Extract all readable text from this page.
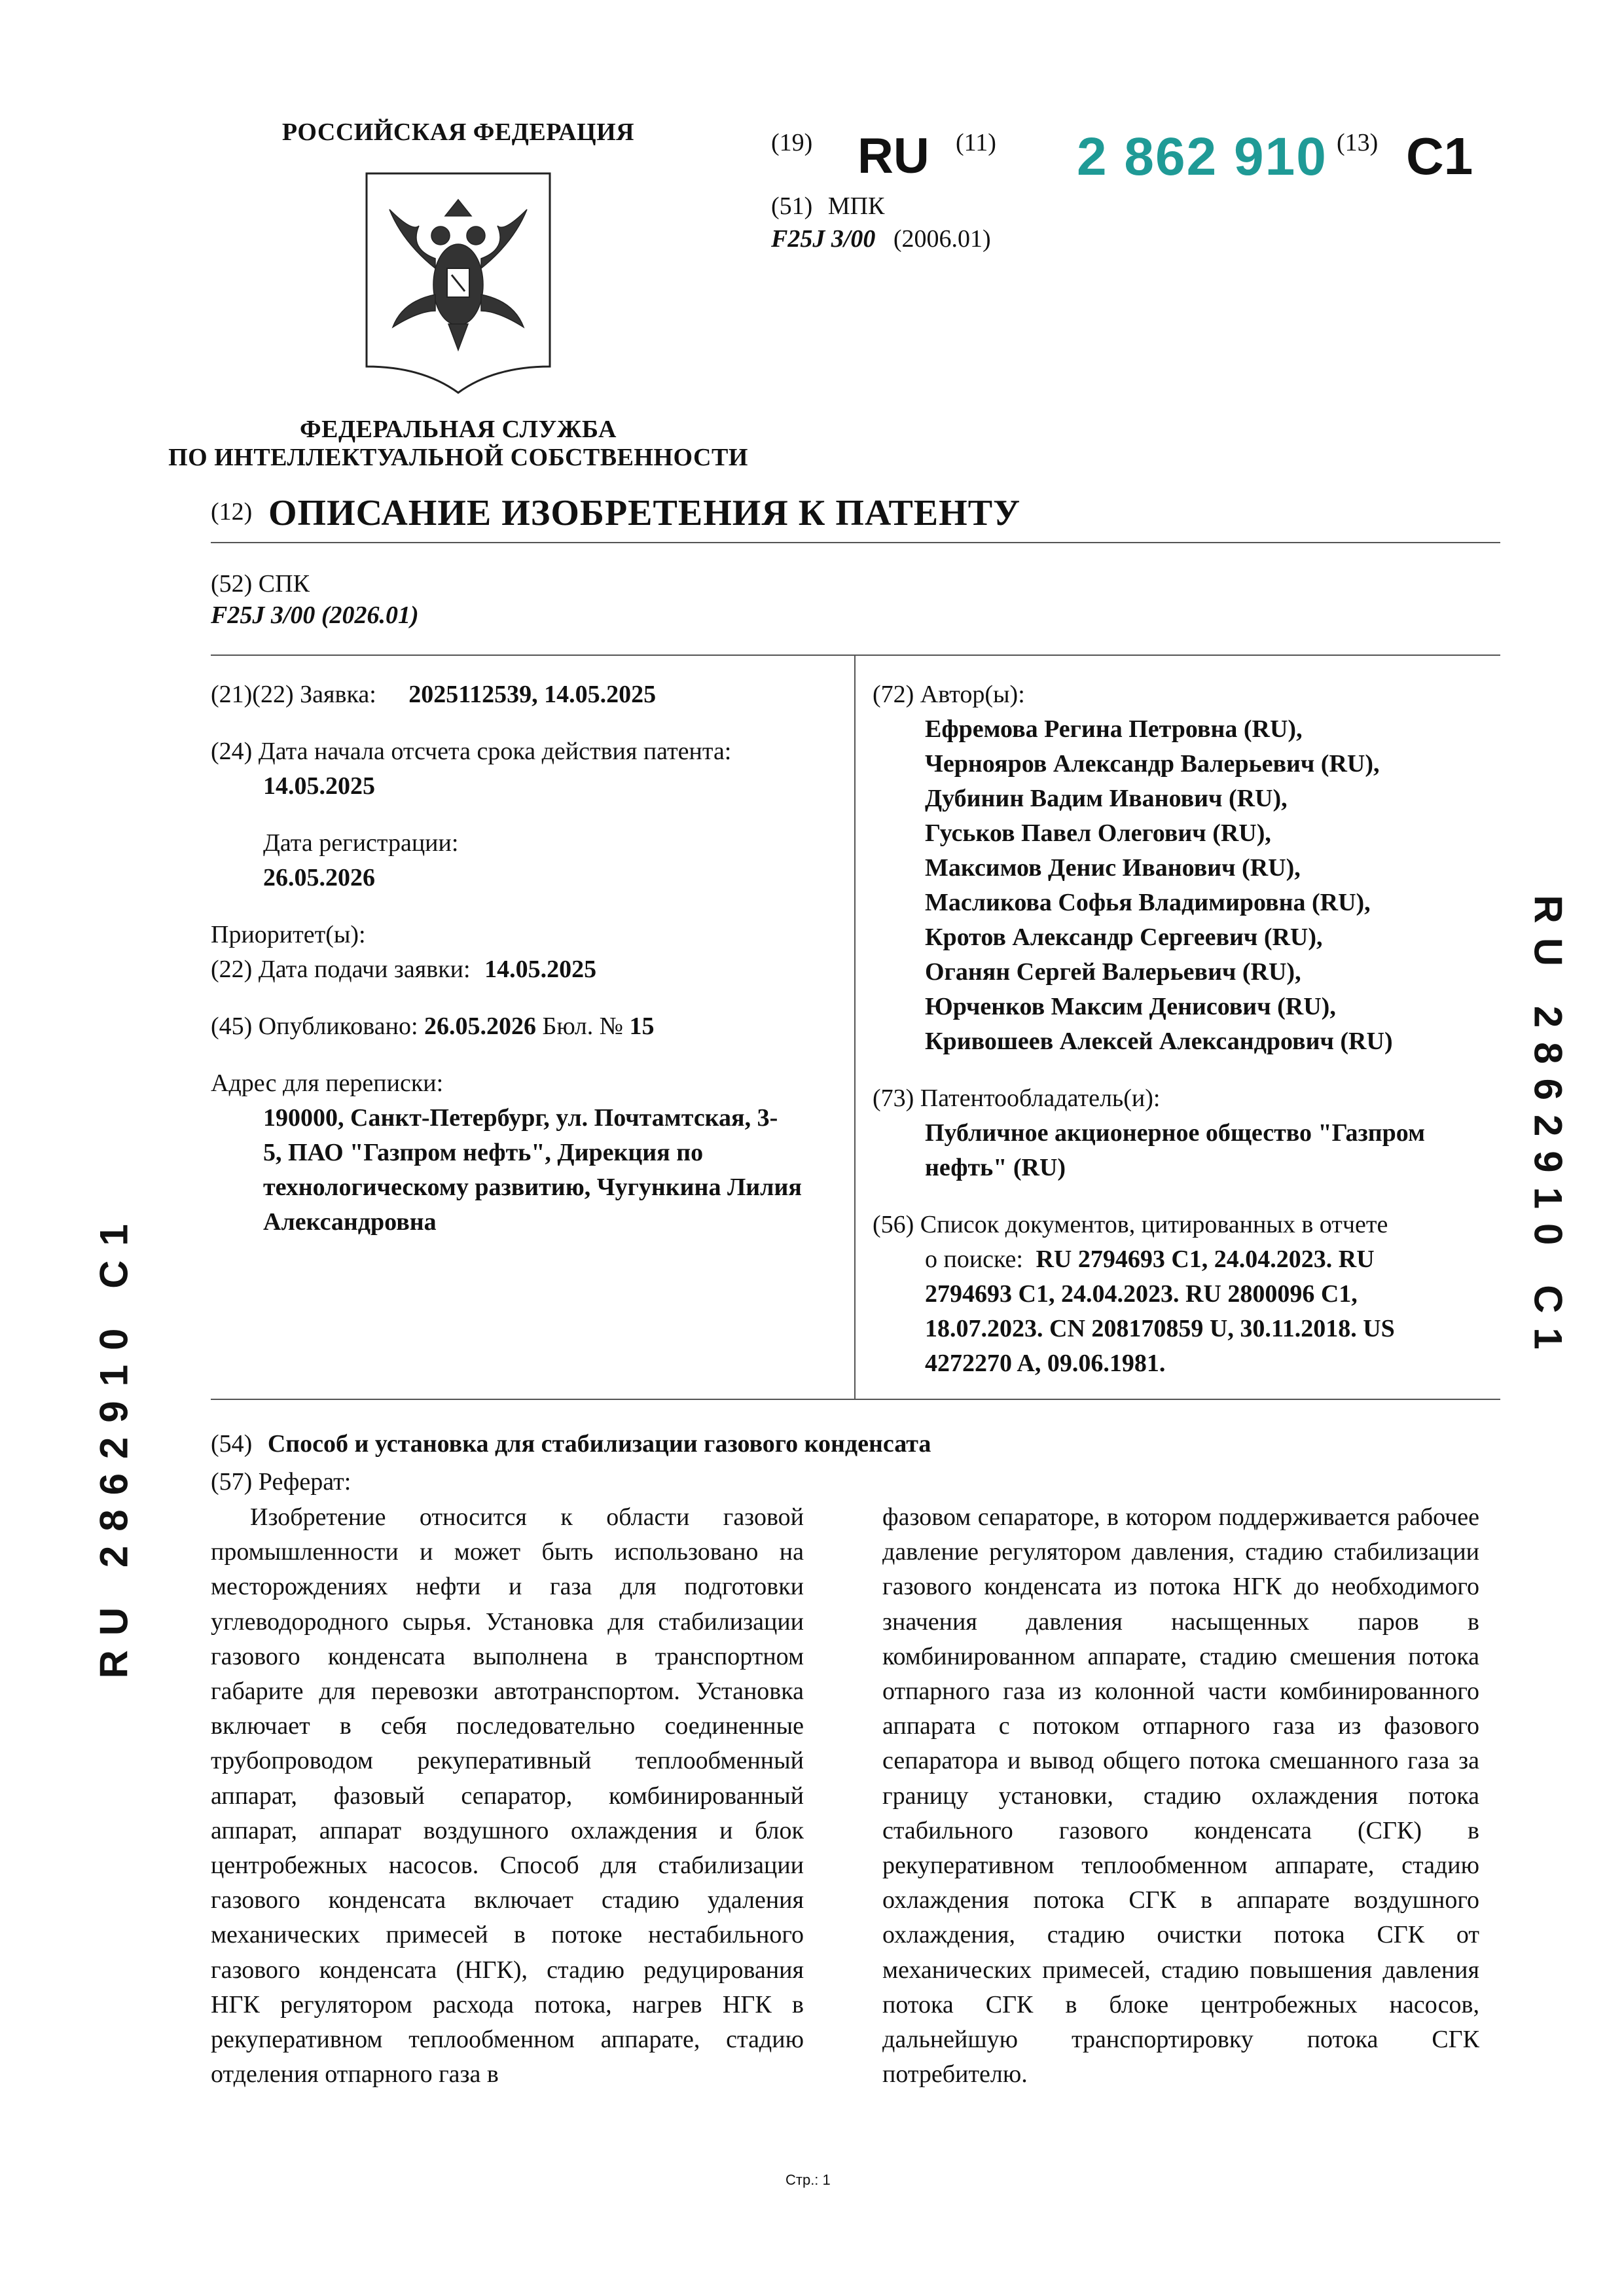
РОССИЙСКАЯ ФЕДЕРАЦИЯ
ФЕДЕРАЛЬНАЯ СЛУЖБА
ПО ИНТЕЛЛЕКТУАЛЬНОЙ СОБСТВЕННОСТИ
(19) RU (11) 2 862 910 (13) C1
(51) МПК
F25J 3/00 (2006.01)
(12) ОПИСАНИЕ ИЗОБРЕТЕНИЯ К ПАТЕНТУ
(52) СПК
F25J 3/00 (2026.01)
(21)(22) Заявка: 2025112539, 14.05.2025
(24) Дата начала отсчета срока действия патента:
14.05.2025
Дата регистрации:
26.05.2026
Приоритет(ы):
(22) Дата подачи заявки: 14.05.2025
(45) Опубликовано: 26.05.2026 Бюл. № 15
Адрес для переписки:
190000, Санкт-Петербург, ул. Почтамтская, 3-
5, ПАО "Газпром нефть", Дирекция по
технологическому развитию, Чугункина Лилия
Александровна
(72) Автор(ы):
Ефремова Регина Петровна (RU),
Чернояров Александр Валерьевич (RU),
Дубинин Вадим Иванович (RU),
Гуськов Павел Олегович (RU),
Максимов Денис Иванович (RU),
Масликова Софья Владимировна (RU),
Кротов Александр Сергеевич (RU),
Оганян Сергей Валерьевич (RU),
Юрченков Максим Денисович (RU),
Кривошеев Алексей Александрович (RU)
(73) Патентообладатель(и):
Публичное акционерное общество "Газпром
нефть" (RU)
(56) Список документов, цитированных в отчете
о поиске: RU 2794693 C1, 24.04.2023. RU
2794693 С1, 24.04.2023. RU 2800096 С1,
18.07.2023. CN 208170859 U, 30.11.2018. US
4272270 A, 09.06.1981.
RU 2862910 C1
RU 2862910 C1
(54) Способ и установка для стабилизации газового конденсата
(57) Реферат:

Изобретение относится к области газовой промышленности и может быть использовано на месторождениях нефти и газа для подготовки углеводородного сырья. Установка для стабилизации газового конденсата выполнена в транспортном габарите для перевозки автотранспортом. Установка включает в себя последовательно соединенные трубопроводом рекуперативный теплообменный аппарат, фазовый сепаратор, комбинированный аппарат, аппарат воздушного охлаждения и блок центробежных насосов. Способ для стабилизации газового конденсата включает стадию удаления механических примесей в потоке нестабильного газового конденсата (НГК), стадию редуцирования НГК регулятором расхода потока, нагрев НГК в рекуперативном теплообменном аппарате, стадию отделения отпарного газа в

фазовом сепараторе, в котором поддерживается рабочее давление регулятором давления, стадию стабилизации газового конденсата из потока НГК до необходимого значения давления насыщенных паров в комбинированном аппарате, стадию смешения потока отпарного газа из колонной части комбинированного аппарата с потоком отпарного газа из фазового сепаратора и вывод общего потока смешанного газа за границу установки, стадию охлаждения потока стабильного газового конденсата (СГК) в рекуперативном теплообменном аппарате, стадию охлаждения потока СГК в аппарате воздушного охлаждения, стадию очистки потока СГК от механических примесей, стадию повышения давления потока СГК в блоке центробежных насосов, дальнейшую транспортировку потока СГК потребителю.

Стр.: 1
